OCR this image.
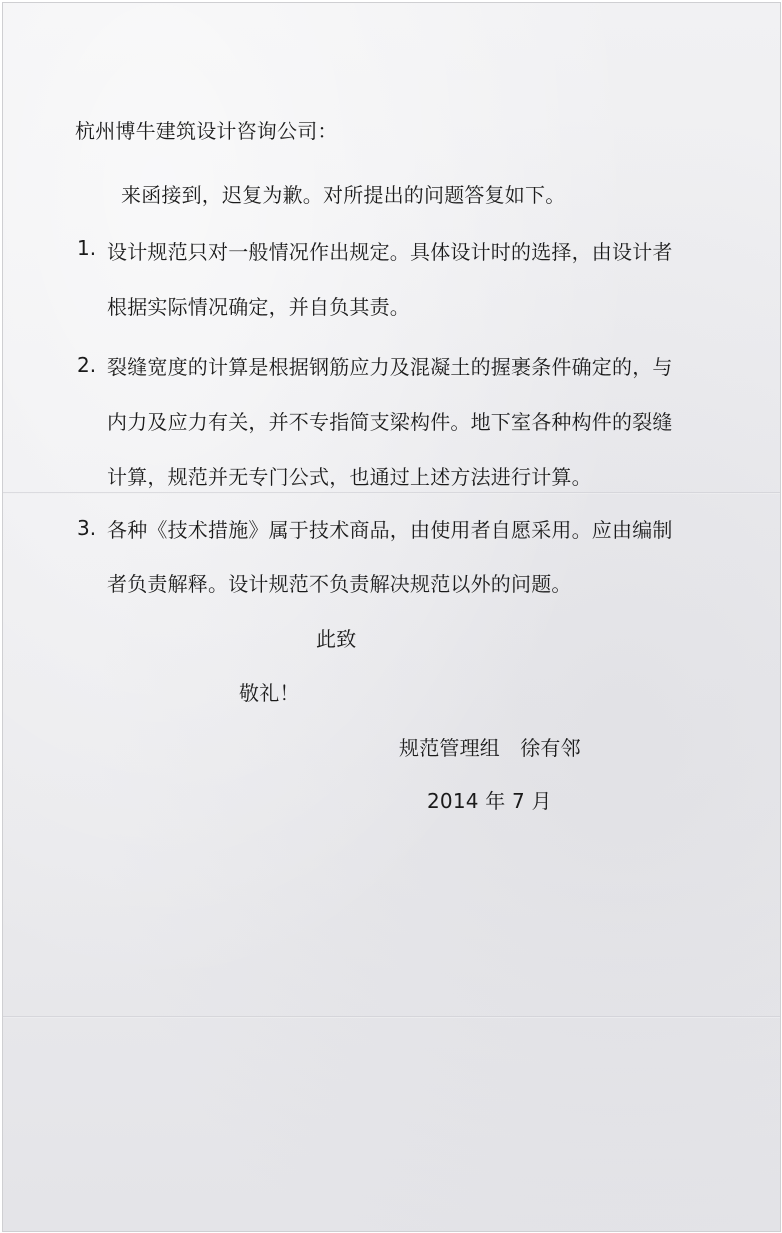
杭州博牛建筑设计咨询公司：
来函接到，迟复为歉。对所提出的问题答复如下。
1. 设计规范只对一般情况作出规定。具体设计时的选择，由设计者
根据实际情况确定，并自负其责。
2. 裂缝宽度的计算是根据钢筋应力及混凝土的握裹条件确定的，与
内力及应力有关，并不专指简支梁构件。地下室各种构件的裂缝
计算，规范并无专门公式，也通过上述方法进行计算。
3. 各种《技术措施》属于技术商品，由使用者自愿采用。应由编制
者负责解释。设计规范不负责解决规范以外的问题。
此致
敬礼！
规范管理组　徐有邻
2014 年 7 月
